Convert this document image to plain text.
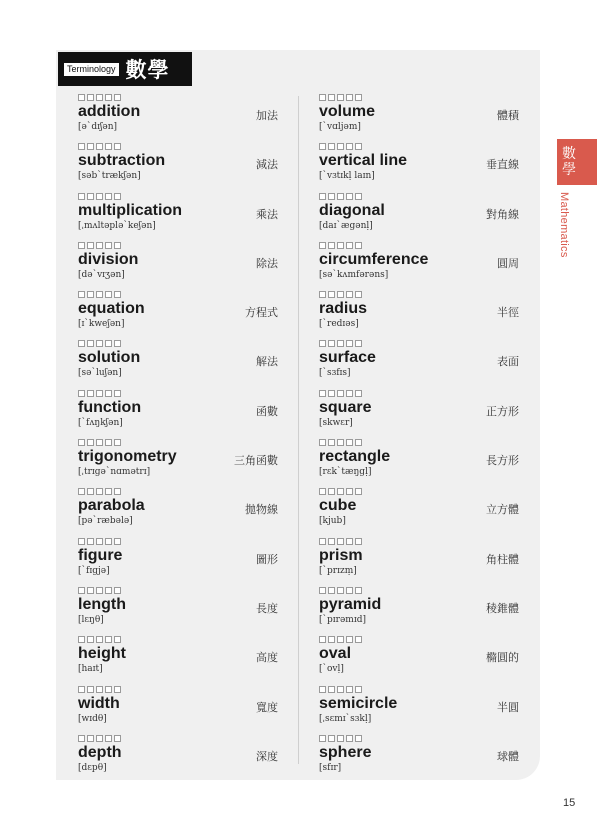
Terminology 數學
addition
[əˋdɪʃən]
加法
subtraction
[səbˋtrækʃən]
減法
multiplication
[ˌmʌltəpləˋkeʃən]
乘法
division
[dəˋvɪʒən]
除法
equation
[ɪˋkweʃən]
方程式
solution
[səˋluʃən]
解法
function
[ˋfʌŋkʃən]
函數
trigonometry
[ˌtrɪgəˋnɑmətrɪ]
三角函數
parabola
[pəˋræbələ]
拋物線
figure
[ˋfɪgjə]
圖形
length
[lɛŋθ]
長度
height
[haɪt]
高度
width
[wɪdθ]
寬度
depth
[dɛpθ]
深度
volume
[ˋvɑljəm]
體積
vertical line
[ˋvɜtɪkḷ laɪn]
垂直線
diagonal
[daɪˋægənḷ]
對角線
circumference
[səˋkʌmfərəns]
圓周
radius
[ˋredɪəs]
半徑
surface
[ˋsɜfɪs]
表面
square
[skwɛr]
正方形
rectangle
[rɛkˋtæŋgḷ]
長方形
cube
[kjub]
立方體
prism
[ˋprɪzṃ]
角柱體
pyramid
[ˋpɪrəmɪd]
稜錐體
oval
[ˋovḷ]
橢圓的
semicircle
[ˌsɛmɪˋsɜkḷ]
半圓
sphere
[sfɪr]
球體
數學
Mathematics
15
